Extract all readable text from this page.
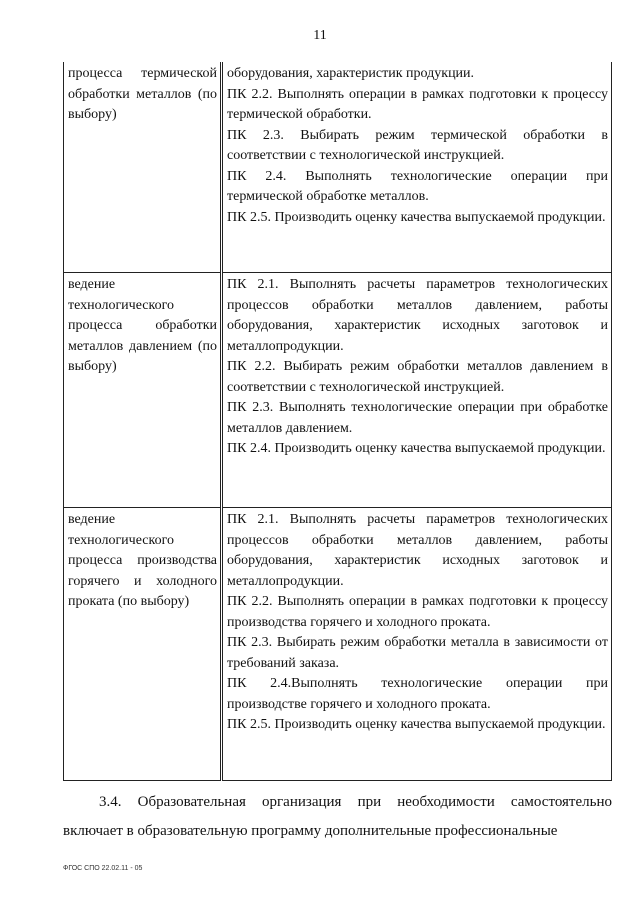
11
процесса термической обработки металлов (по выбору)	оборудования, характеристик продукции.
ПК 2.2. Выполнять операции в рамках подготовки к процессу термической обработки.
ПК 2.3. Выбирать режим термической обработки в соответствии с технологической инструкцией.
ПК 2.4. Выполнять технологические операции при термической обработке металлов.
ПК 2.5. Производить оценку качества выпускаемой продукции.

ведение технологического процесса обработки металлов давлением (по выбору)	ПК 2.1. Выполнять расчеты параметров технологических процессов обработки металлов давлением, работы оборудования, характеристик исходных заготовок и металлопродукции.
ПК 2.2. Выбирать режим обработки металлов давлением в соответствии с технологической инструкцией.
ПК 2.3. Выполнять технологические операции при обработке металлов давлением.
ПК 2.4. Производить оценку качества выпускаемой продукции.

ведение технологического процесса производства горячего и холодного проката (по выбору)	ПК 2.1. Выполнять расчеты параметров технологических процессов обработки металлов давлением, работы оборудования, характеристик исходных заготовок и металлопродукции.
ПК 2.2. Выполнять операции в рамках подготовки к процессу производства горячего и холодного проката.
ПК 2.3. Выбирать режим обработки металла в зависимости от требований заказа.
ПК 2.4.Выполнять технологические операции при производстве горячего и холодного проката.
ПК 2.5. Производить оценку качества выпускаемой продукции.
3.4. Образовательная организация при необходимости самостоятельно включает в образовательную программу дополнительные профессиональные
ФГОС СПО 22.02.11 - 05
